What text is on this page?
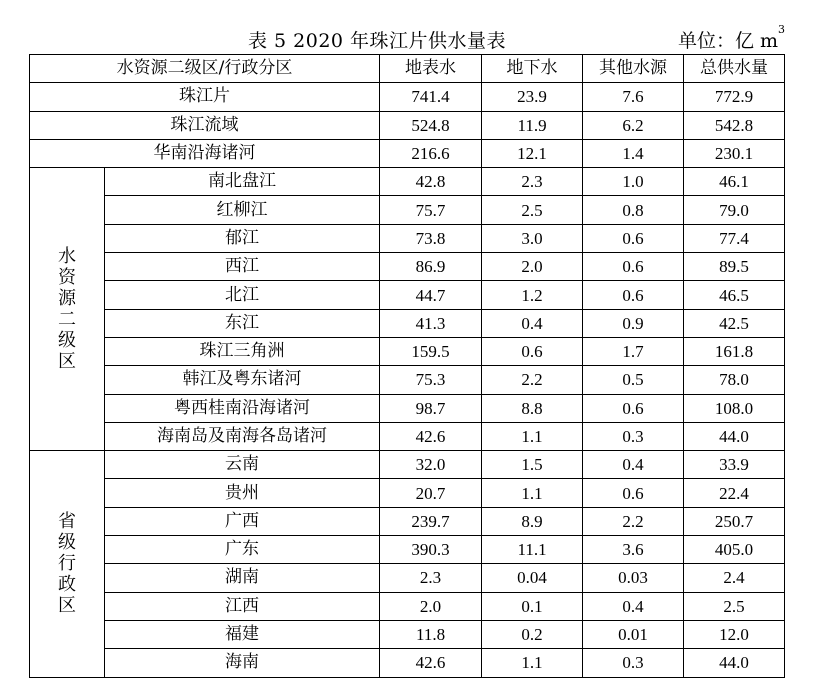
表 5 2020 年珠江片供水量表	单位：亿 $m^3$
水资源二级区/行政分区		地表水	地下水	其他水源	总供水量
珠江片		741.4	23.9	7.6	772.9
珠江流域		524.8	11.9	6.2	542.8
华南沿海诸河		216.6	12.1	1.4	230.1
水资源二级区	南北盘江	42.8	2.3	1.0	46.1
	红柳江	75.7	2.5	0.8	79.0
	郁江	73.8	3.0	0.6	77.4
	西江	86.9	2.0	0.6	89.5
	北江	44.7	1.2	0.6	46.5
	东江	41.3	0.4	0.9	42.5
	珠江三角洲	159.5	0.6	1.7	161.8
	韩江及粤东诸河	75.3	2.2	0.5	78.0
	粤西桂南沿海诸河	98.7	8.8	0.6	108.0
	海南岛及南海各岛诸河	42.6	1.1	0.3	44.0
省级行政区	云南	32.0	1.5	0.4	33.9
	贵州	20.7	1.1	0.6	22.4
	广西	239.7	8.9	2.2	250.7
	广东	390.3	11.1	3.6	405.0
	湖南	2.3	0.04	0.03	2.4
	江西	2.0	0.1	0.4	2.5
	福建	11.8	0.2	0.01	12.0
	海南	42.6	1.1	0.3	44.0
